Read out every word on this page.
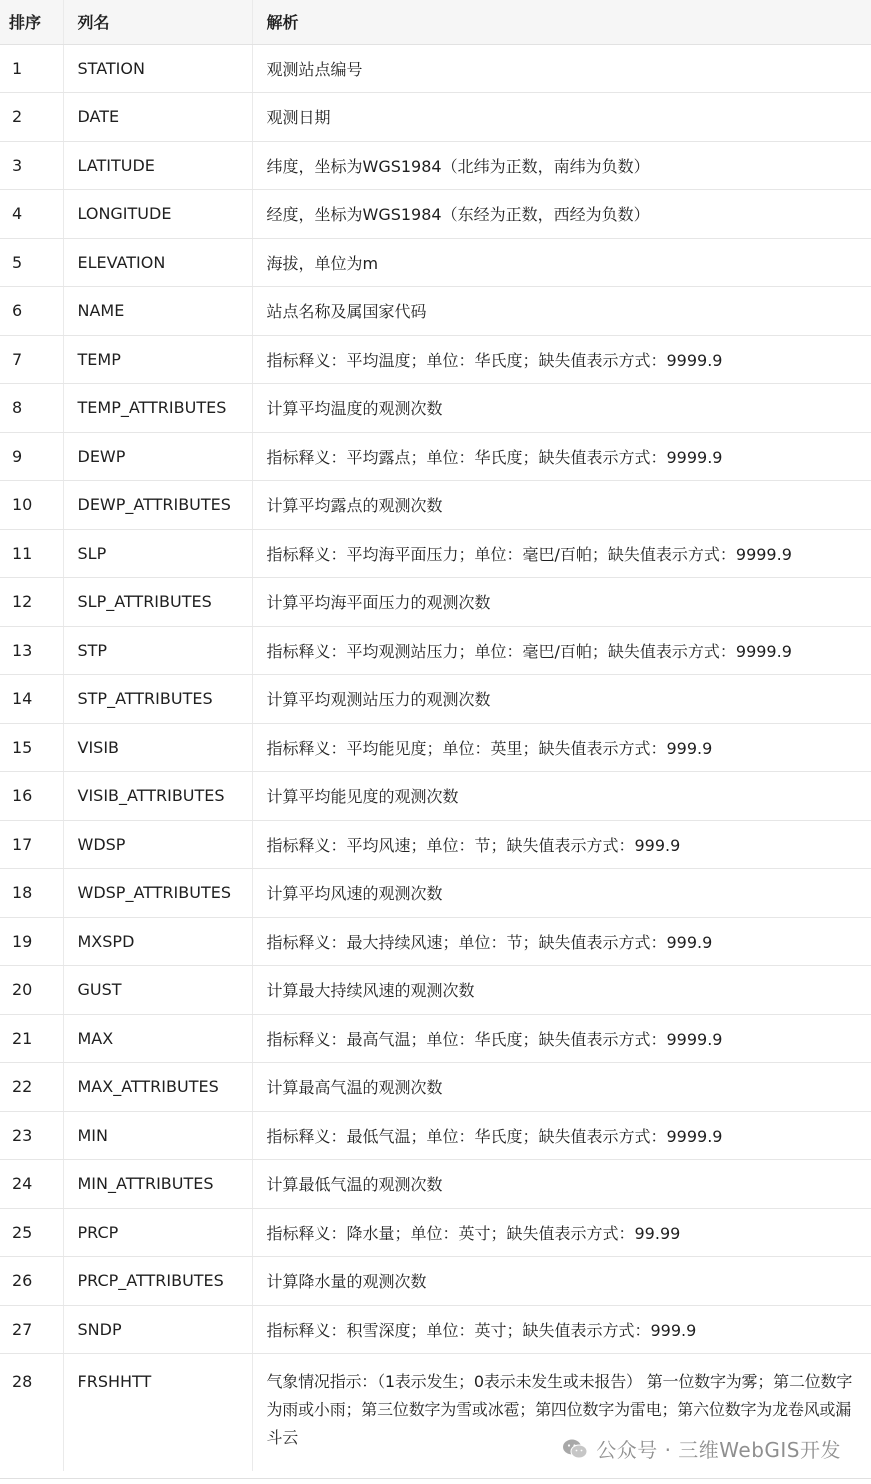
排序	列名	解析
1	STATION	观测站点编号
2	DATE	观测日期
3	LATITUDE	纬度，坐标为WGS1984（北纬为正数，南纬为负数）
4	LONGITUDE	经度，坐标为WGS1984（东经为正数，西经为负数）
5	ELEVATION	海拔，单位为m
6	NAME	站点名称及属国家代码
7	TEMP	指标释义：平均温度；单位：华氏度；缺失值表示方式：9999.9
8	TEMP_ATTRIBUTES	计算平均温度的观测次数
9	DEWP	指标释义：平均露点；单位：华氏度；缺失值表示方式：9999.9
10	DEWP_ATTRIBUTES	计算平均露点的观测次数
11	SLP	指标释义：平均海平面压力；单位：毫巴/百帕；缺失值表示方式：9999.9
12	SLP_ATTRIBUTES	计算平均海平面压力的观测次数
13	STP	指标释义：平均观测站压力；单位：毫巴/百帕；缺失值表示方式：9999.9
14	STP_ATTRIBUTES	计算平均观测站压力的观测次数
15	VISIB	指标释义：平均能见度；单位：英里；缺失值表示方式：999.9
16	VISIB_ATTRIBUTES	计算平均能见度的观测次数
17	WDSP	指标释义：平均风速；单位：节；缺失值表示方式：999.9
18	WDSP_ATTRIBUTES	计算平均风速的观测次数
19	MXSPD	指标释义：最大持续风速；单位：节；缺失值表示方式：999.9
20	GUST	计算最大持续风速的观测次数
21	MAX	指标释义：最高气温；单位：华氏度；缺失值表示方式：9999.9
22	MAX_ATTRIBUTES	计算最高气温的观测次数
23	MIN	指标释义：最低气温；单位：华氏度；缺失值表示方式：9999.9
24	MIN_ATTRIBUTES	计算最低气温的观测次数
25	PRCP	指标释义：降水量；单位：英寸；缺失值表示方式：99.99
26	PRCP_ATTRIBUTES	计算降水量的观测次数
27	SNDP	指标释义：积雪深度；单位：英寸；缺失值表示方式：999.9
28	FRSHHTT	气象情况指示：（1表示发生；0表示未发生或未报告） 第一位数字为雾；第二位数字为雨或小雨；第三位数字为雪或冰雹；第四位数字为雷电；第六位数字为龙卷风或漏斗云
公众号 · 三维WebGIS开发
